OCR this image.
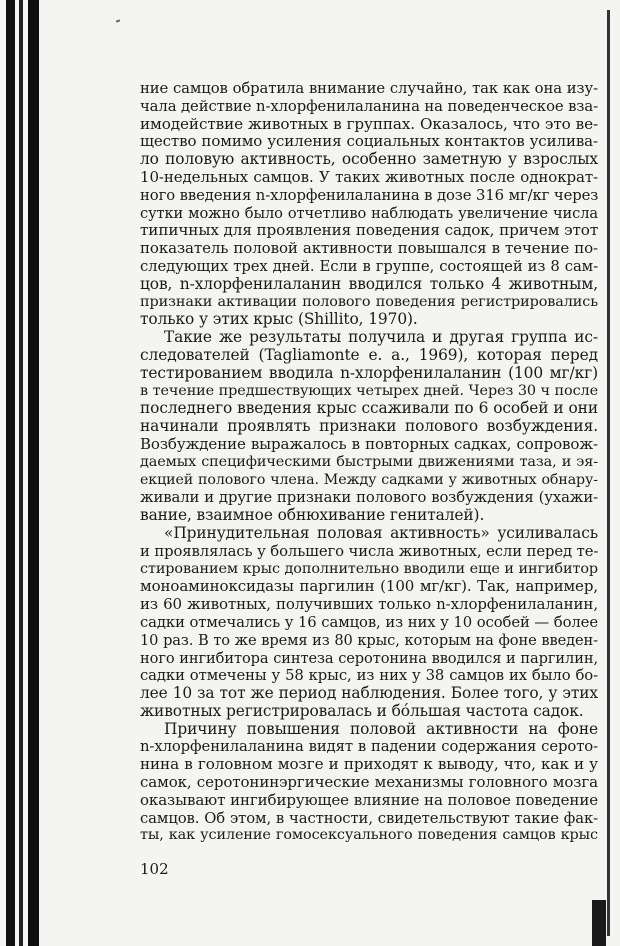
ние самцов обратила внимание случайно, так как она изу-
чала действие n-хлорфенилаланина на поведенческое вза-
имодействие животных в группах. Оказалось, что это ве-
щество помимо усиления социальных контактов усилива-
ло половую активность, особенно заметную у взрослых
10-недельных самцов. У таких животных после однократ-
ного введения n-хлорфенилаланина в дозе 316 мг/кг через
сутки можно было отчетливо наблюдать увеличение числа
типичных для проявления поведения садок, причем этот
показатель половой активности повышался в течение по-
следующих трех дней. Если в группе, состоящей из 8 сам-
цов, n-хлорфенилаланин вводился только 4 животным,
признаки активации полового поведения регистрировались
только у этих крыс (Shillito, 1970).
Такие же результаты получила и другая группа ис-
следователей (Tagliamonte e. a., 1969), которая перед
тестированием вводила n-хлорфенилаланин (100 мг/кг)
в течение предшествующих четырех дней. Через 30 ч после
последнего введения крыс ссаживали по 6 особей и они
начинали проявлять признаки полового возбуждения.
Возбуждение выражалось в повторных садках, сопровож-
даемых специфическими быстрыми движениями таза, и эя-
екцией полового члена. Между садками у животных обнару-
живали и другие признаки полового возбуждения (ухажи-
вание, взаимное обнюхивание гениталей).
«Принудительная половая активность» усиливалась
и проявлялась у большего числа животных, если перед те-
стированием крыс дополнительно вводили еще и ингибитор
моноаминоксидазы паргилин (100 мг/кг). Так, например,
из 60 животных, получивших только n-хлорфенилаланин,
садки отмечались у 16 самцов, из них у 10 особей — более
10 раз. В то же время из 80 крыс, которым на фоне введен-
ного ингибитора синтеза серотонина вводился и паргилин,
садки отмечены у 58 крыс, из них у 38 самцов их было бо-
лее 10 за тот же период наблюдения. Более того, у этих
животных регистрировалась и бо́льшая частота садок.
Причину повышения половой активности на фоне
n-хлорфенилаланина видят в падении содержания серото-
нина в головном мозге и приходят к выводу, что, как и у
самок, серотонинэргические механизмы головного мозга
оказывают ингибирующее влияние на половое поведение
самцов. Об этом, в частности, свидетельствуют такие фак-
ты, как усиление гомосексуального поведения самцов крыс
102
